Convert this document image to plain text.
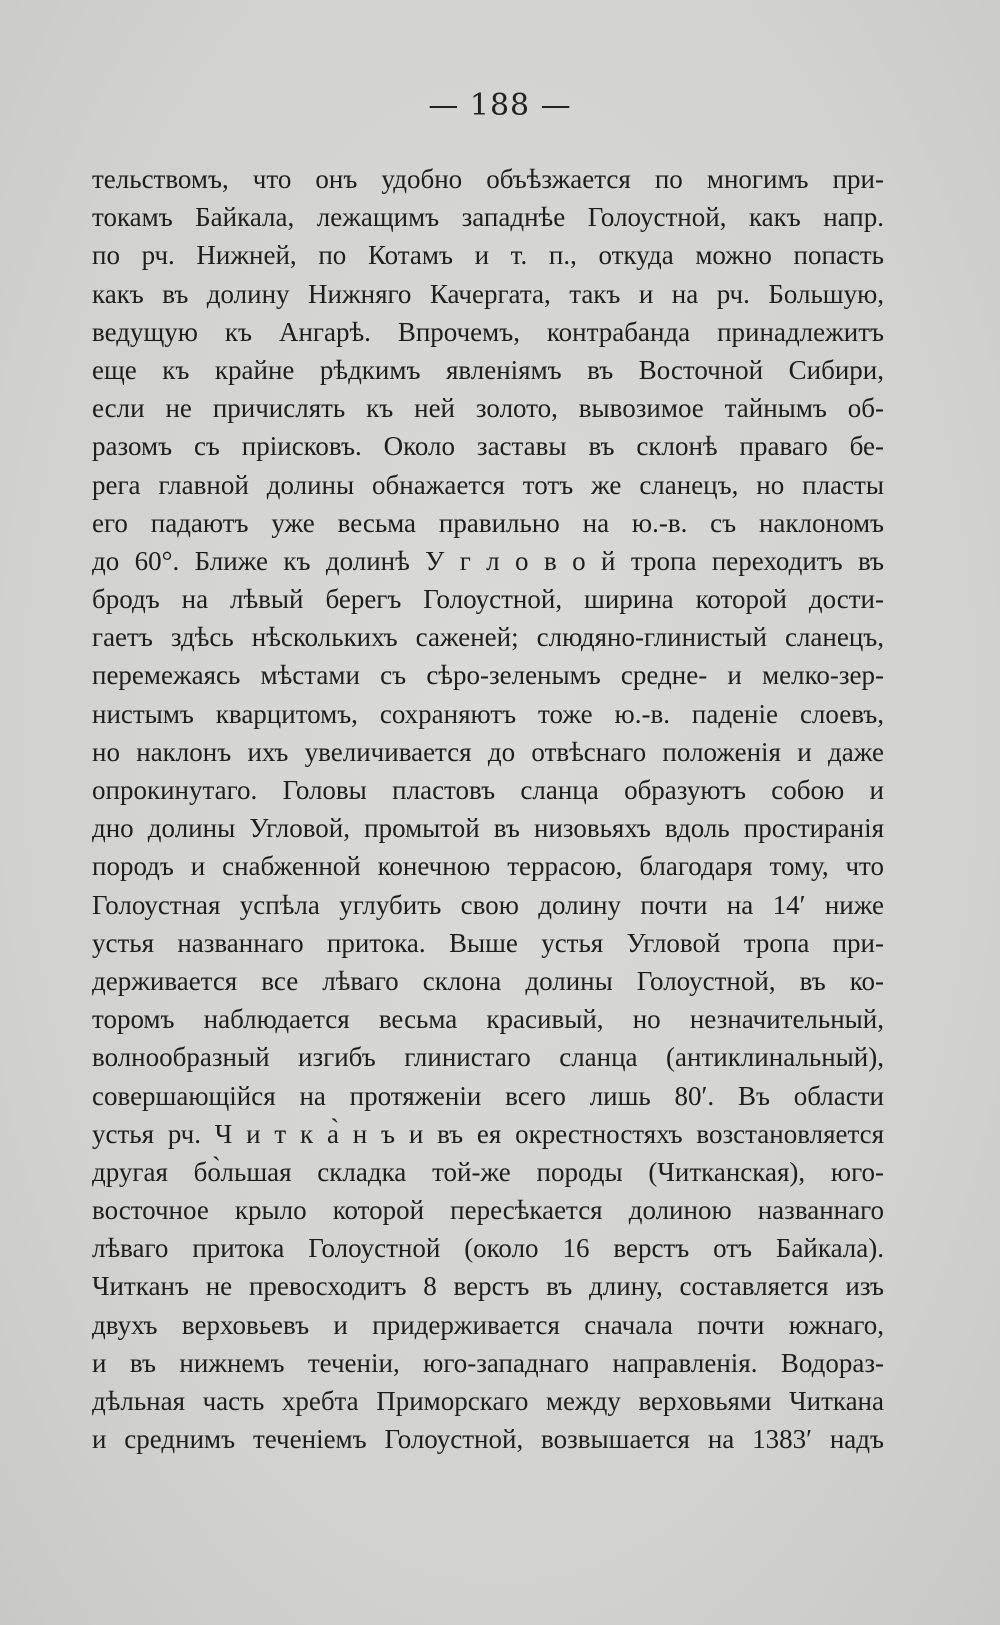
— 188 —
тельствомъ, что онъ удобно объѣзжается по многимъ при-
токамъ Байкала, лежащимъ западнѣе Голоустной, какъ напр.
по рч. Нижней, по Котамъ и т. п., откуда можно попасть
какъ въ долину Нижняго Качергата, такъ и на рч. Большую,
ведущую къ Ангарѣ. Впрочемъ, контрабанда принадлежитъ
еще къ крайне рѣдкимъ явленіямъ въ Восточной Сибири,
если не причислять къ ней золото, вывозимое тайнымъ об-
разомъ съ пріисковъ. Около заставы въ склонѣ праваго бе-
рега главной долины обнажается тотъ же сланецъ, но пласты
его падаютъ уже весьма правильно на ю.-в. съ наклономъ
до 60°. Ближе къ долинѣ У г л о в о й тропа переходитъ въ
бродъ на лѣвый берегъ Голоустной, ширина которой дости-
гаетъ здѣсь нѣсколькихъ саженей; слюдяно-глинистый сланецъ,
перемежаясь мѣстами съ сѣро-зеленымъ средне- и мелко-зер-
нистымъ кварцитомъ, сохраняютъ тоже ю.-в. паденіе слоевъ,
но наклонъ ихъ увеличивается до отвѣснаго положенія и даже
опрокинутаго. Головы пластовъ сланца образуютъ собою и
дно долины Угловой, промытой въ низовьяхъ вдоль простиранія
породъ и снабженной конечною террасою, благодаря тому, что
Голоустная успѣла углубить свою долину почти на 14′ ниже
устья названнаго притока. Выше устья Угловой тропа при-
держивается все лѣваго склона долины Голоустной, въ ко-
торомъ наблюдается весьма красивый, но незначительный,
волнообразный изгибъ глинистаго сланца (антиклинальный),
совершающійся на протяженіи всего лишь 80′. Въ области
устья рч. Ч и т к а̀ н ъ и въ ея окрестностяхъ возстановляется
другая бо̀льшая складка той-же породы (Читканская), юго-
восточное крыло которой пересѣкается долиною названнаго
лѣваго притока Голоустной (около 16 верстъ отъ Байкала).
Читканъ не превосходитъ 8 верстъ въ длину, составляется изъ
двухъ верховьевъ и придерживается сначала почти южнаго,
и въ нижнемъ теченіи, юго-западнаго направленія. Водораз-
дѣльная часть хребта Приморскаго между верховьями Читкана
и среднимъ теченіемъ Голоустной, возвышается на 1383′ надъ
